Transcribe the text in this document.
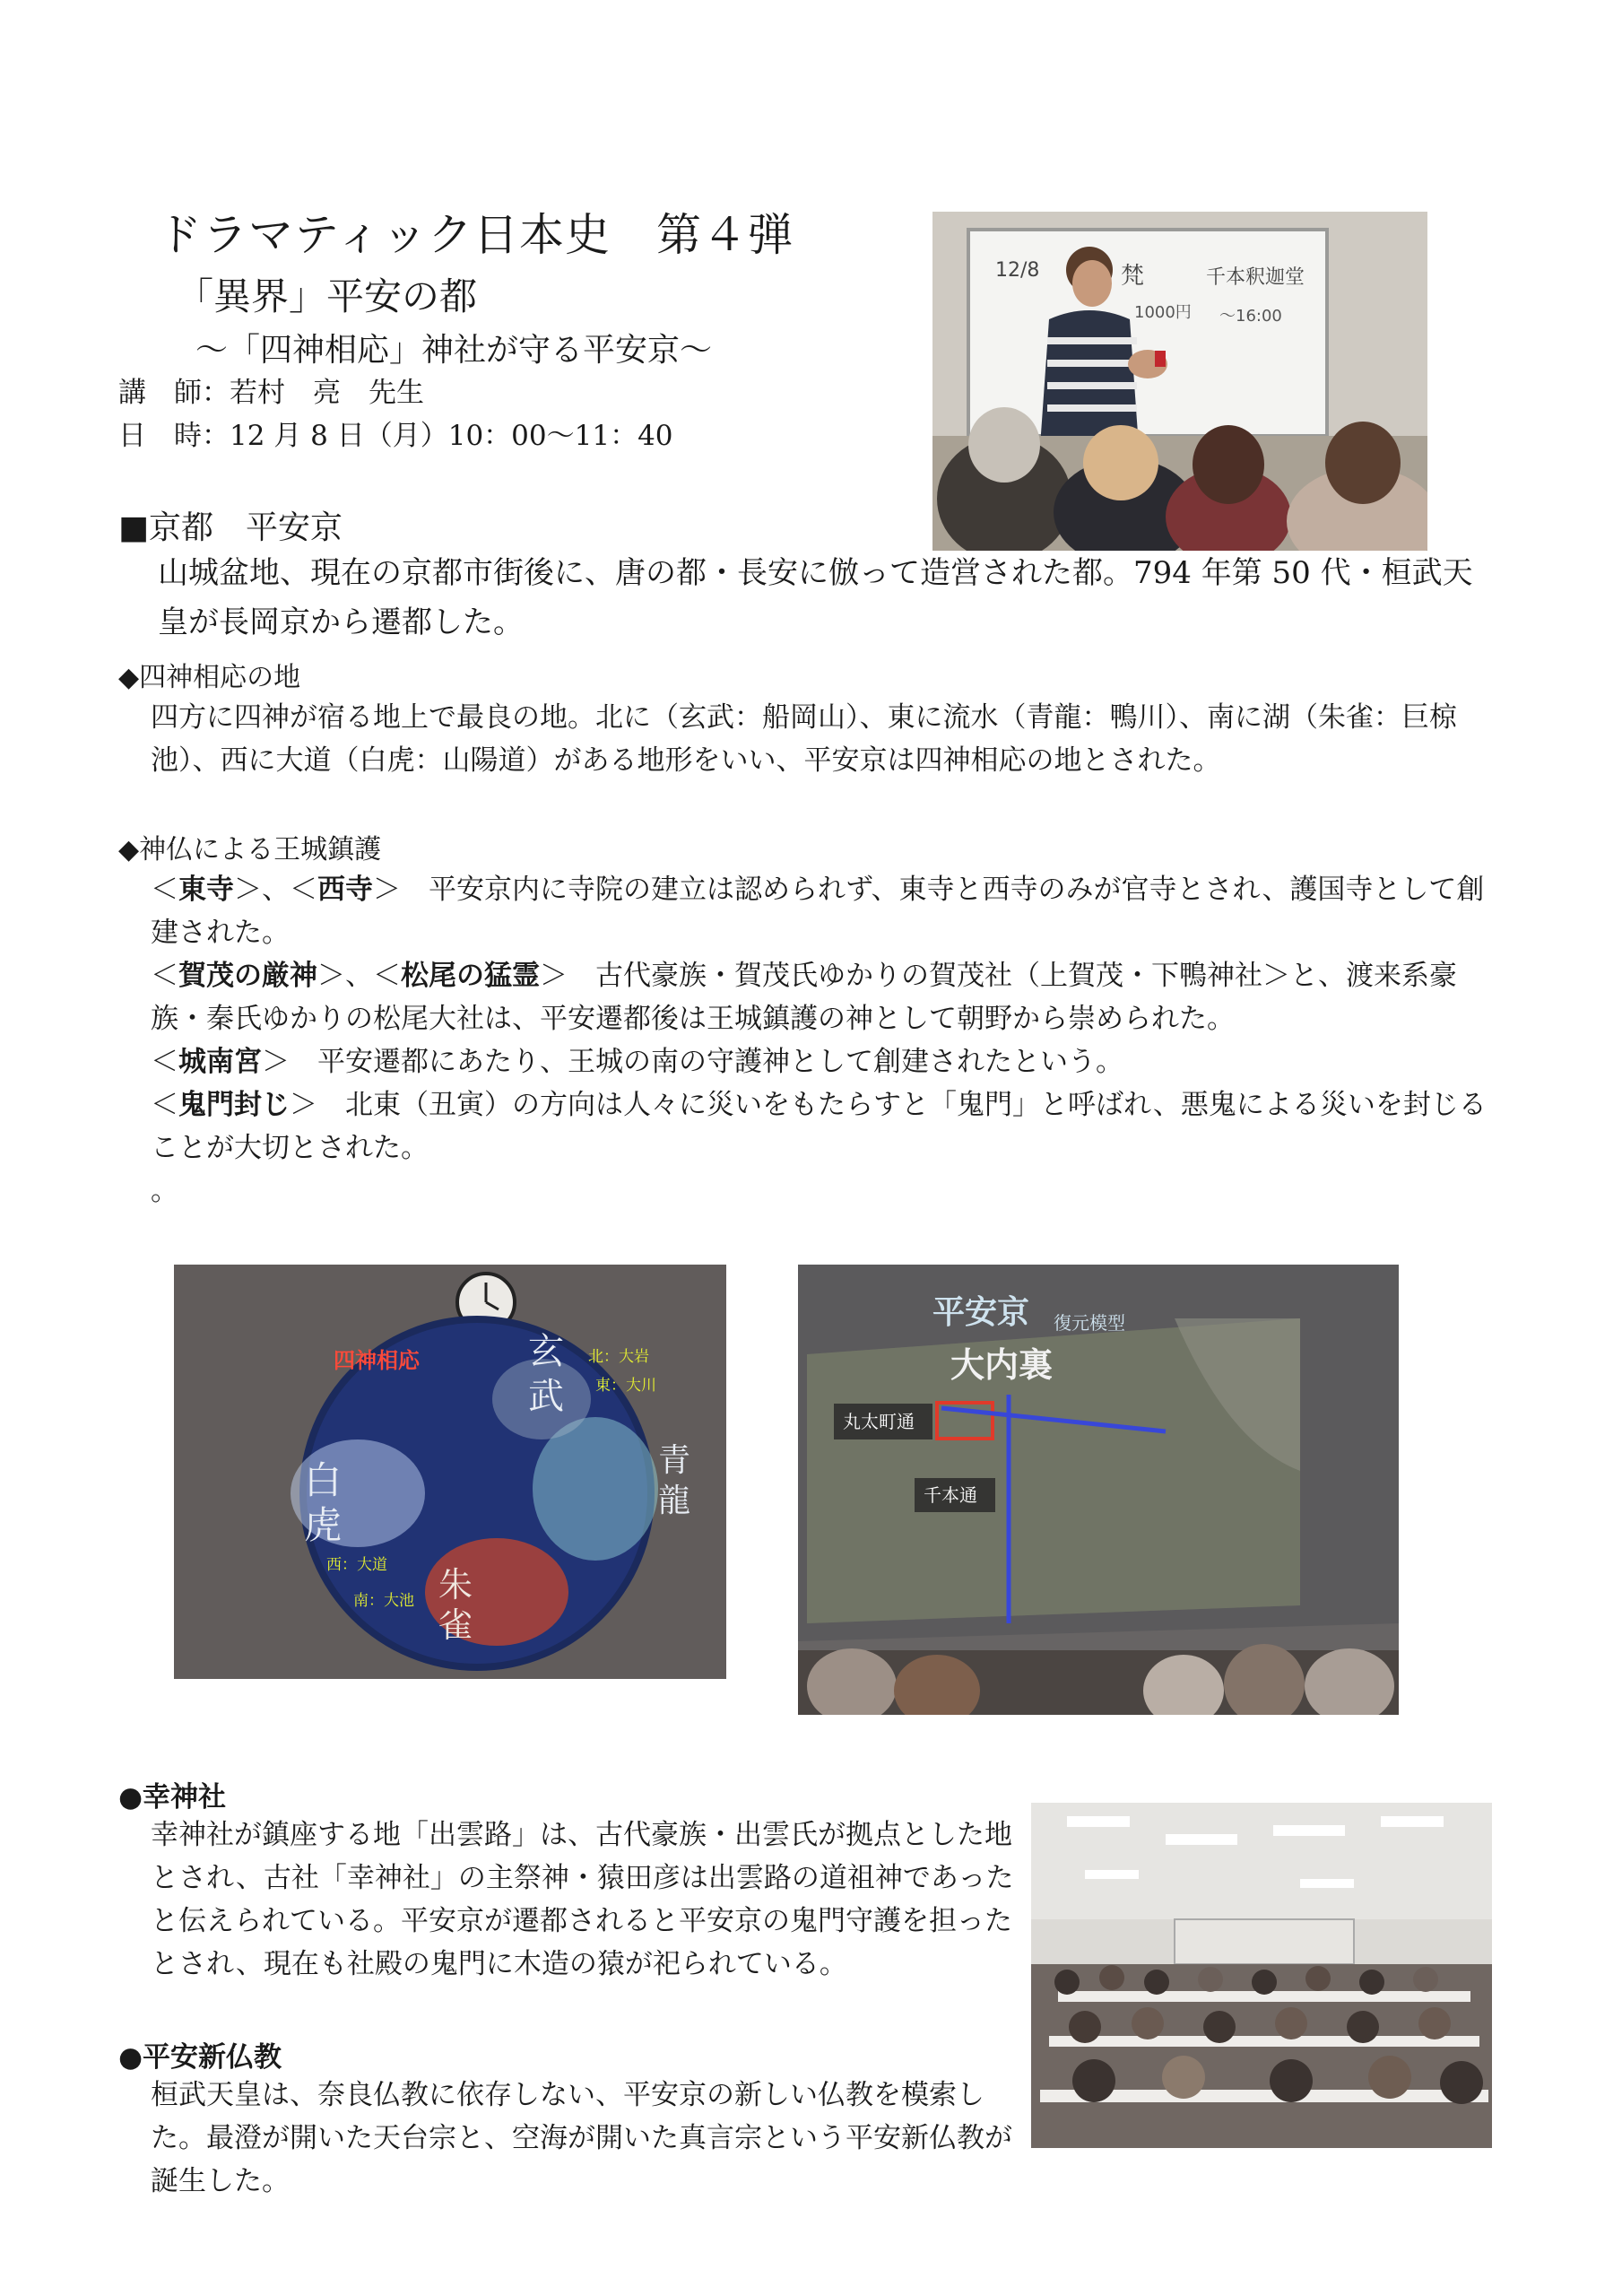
ドラマティック日本史　第４弾
「異界」平安の都
～「四神相応」神社が守る平安京～
講　師：若村　亮　先生
日　時：12 月 8 日（月）10：00～11：40
12/8	梵	千本釈迦堂
1000円 ～16:00
■京都　平安京
山城盆地、現在の京都市街後に、唐の都・長安に倣って造営された都。794 年第 50 代・桓武天皇が長岡京から遷都した。
◆四神相応の地
四方に四神が宿る地上で最良の地。北に（玄武：船岡山）、東に流水（青龍：鴨川）、南に湖（朱雀：巨椋池）、西に大道（白虎：山陽道）がある地形をいい、平安京は四神相応の地とされた。
◆神仏による王城鎮護
＜東寺＞、＜西寺＞　平安京内に寺院の建立は認められず、東寺と西寺のみが官寺とされ、護国寺として創建された。
＜賀茂の厳神＞、＜松尾の猛霊＞　古代豪族・賀茂氏ゆかりの賀茂社（上賀茂・下鴨神社＞と、渡来系豪族・秦氏ゆかりの松尾大社は、平安遷都後は王城鎮護の神として朝野から崇められた。
＜城南宮＞　平安遷都にあたり、王城の南の守護神として創建されたという。
＜鬼門封じ＞　北東（丑寅）の方向は人々に災いをもたらすと「鬼門」と呼ばれ、悪鬼による災いを封じることが大切とされた。
。
四神相応	北：大岩
東：大川
西：大道
南：大池
玄
武
青
龍
白
虎
朱
雀
平安京 復元模型
大内裏
丸太町通
千本通
●幸神社
幸神社が鎮座する地「出雲路」は、古代豪族・出雲氏が拠点とした地とされ、古社「幸神社」の主祭神・猿田彦は出雲路の道祖神であったと伝えられている。平安京が遷都されると平安京の鬼門守護を担ったとされ、現在も社殿の鬼門に木造の猿が祀られている。
●平安新仏教
桓武天皇は、奈良仏教に依存しない、平安京の新しい仏教を模索した。最澄が開いた天台宗と、空海が開いた真言宗という平安新仏教が誕生した。
